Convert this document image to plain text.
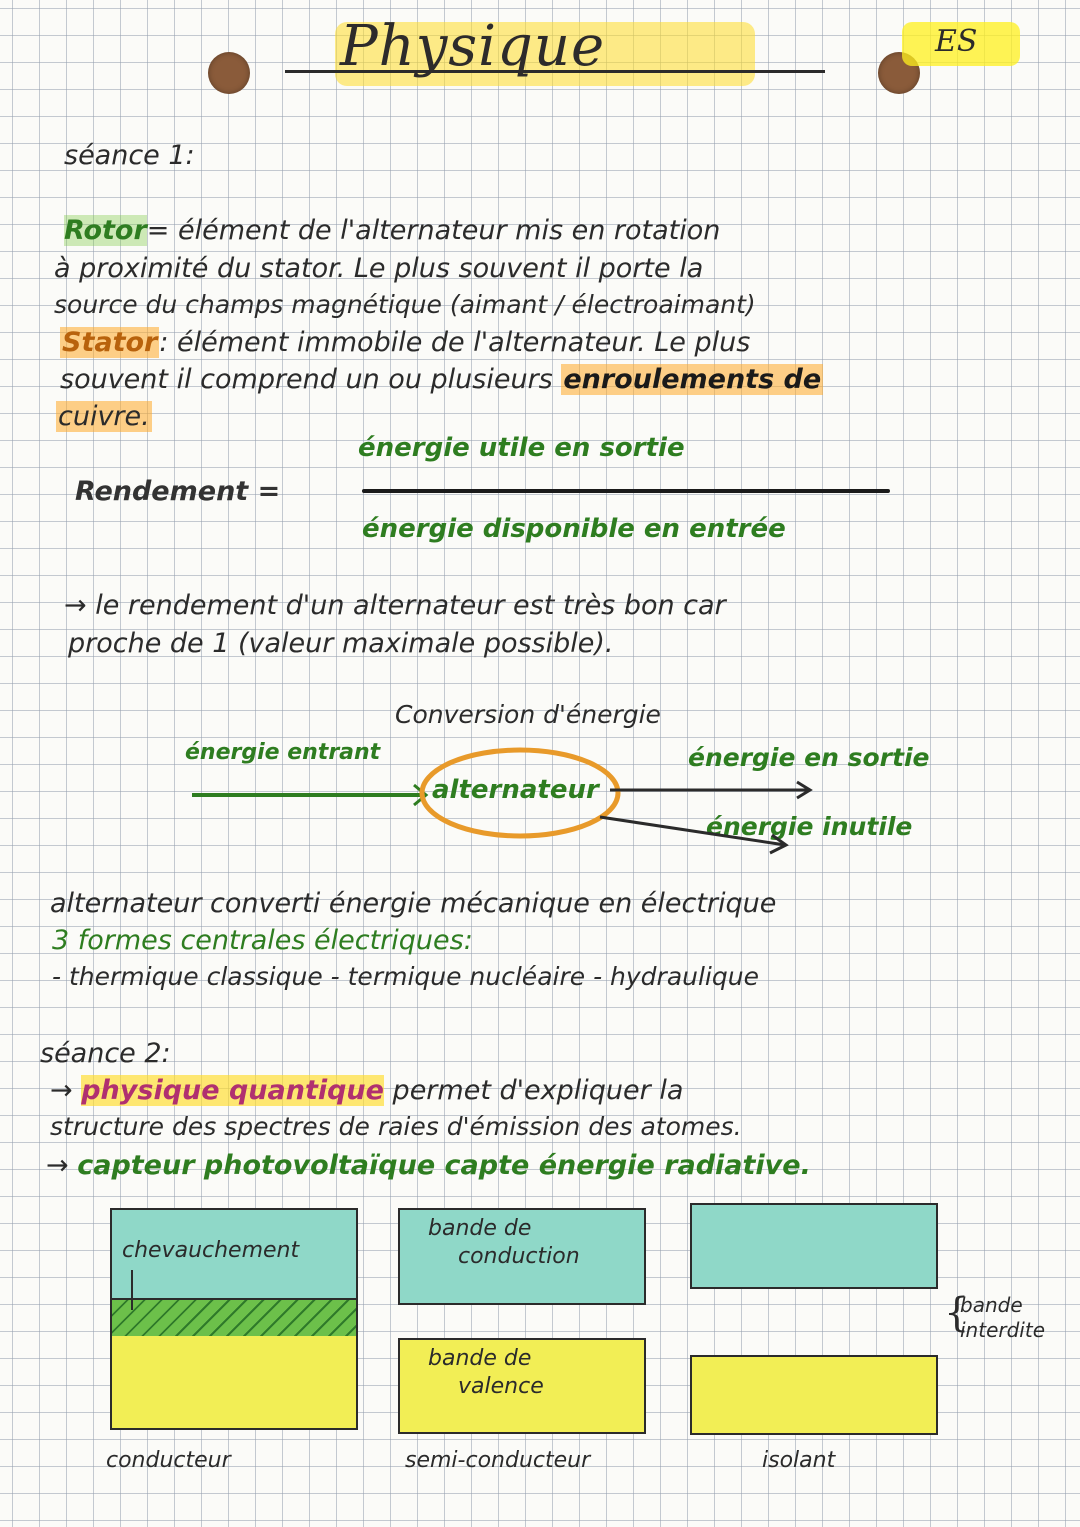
Physique	ES
séance 1:
Rotor= élément de l'alternateur mis en rotation
à proximité du stator. Le plus souvent il porte la
source du champs magnétique (aimant / électroaimant)
Stator: élément immobile de l'alternateur. Le plus
souvent il comprend un ou plusieurs enroulements de
cuivre.
énergie utile en sortie
Rendement =
énergie disponible en entrée
→ le rendement d'un alternateur est très bon car
proche de 1 (valeur maximale possible).
Conversion d'énergie
énergie entrant	énergie en sortie
énergie inutile
alternateur
alternateur converti énergie mécanique en électrique
3 formes centrales électriques:
- thermique classique - termique nucléaire - hydraulique
séance 2:
→ physique quantique permet d'expliquer la
structure des spectres de raies d'émission des atomes.
→ capteur photovoltaïque capte énergie radiative.
chevauchement
bande de
conduction
bande de
valence
{
bande
interdite
conducteur	semi-conducteur	isolant
